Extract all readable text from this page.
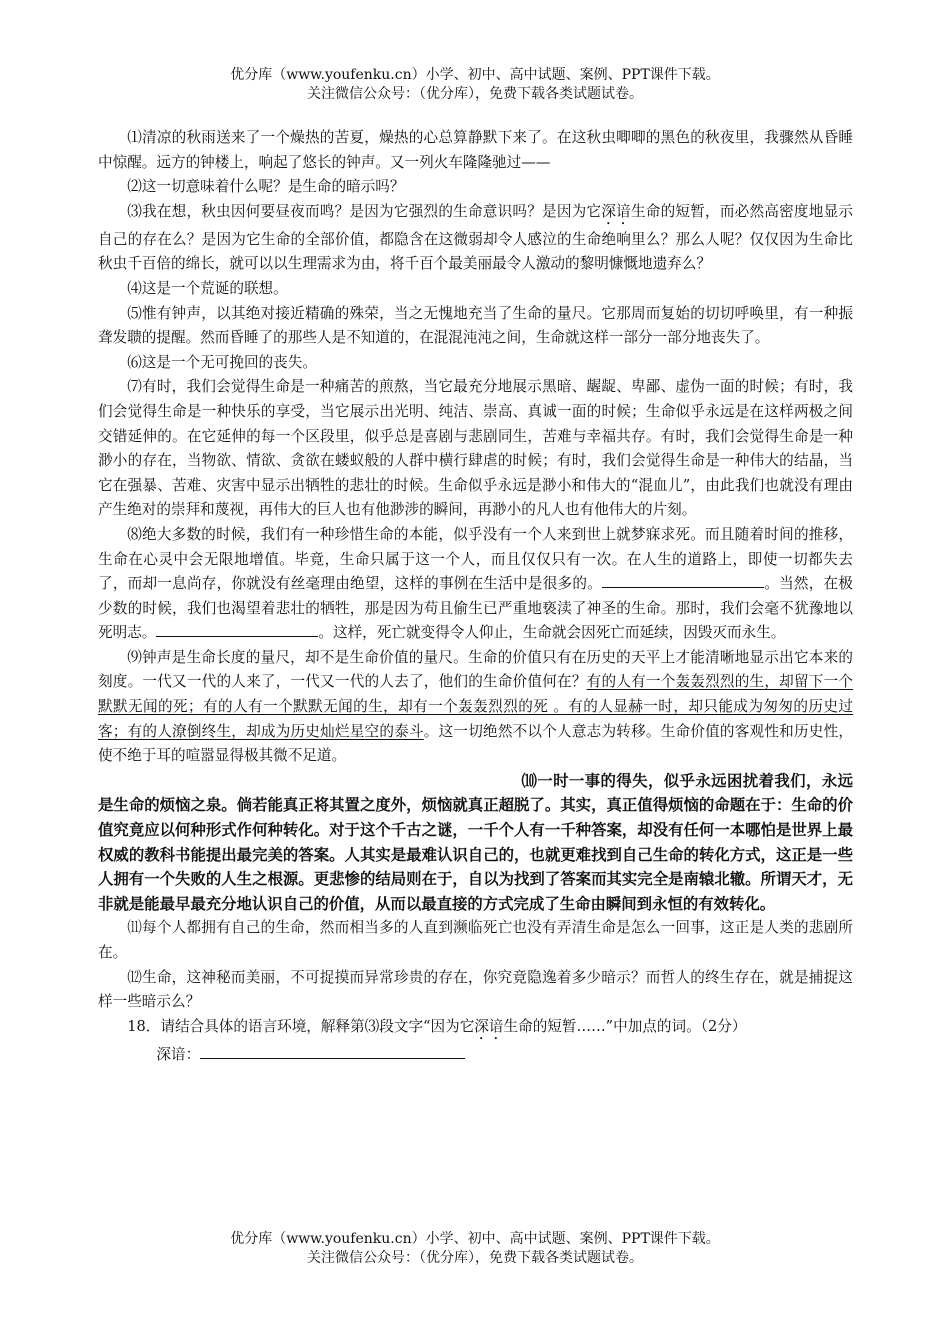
优分库（www.youfenku.cn）小学、初中、高中试题、案例、PPT课件下载。
关注微信公众号：（优分库），免费下载各类试题试卷。

⑴清凉的秋雨送来了一个燥热的苦夏，燥热的心总算静默下来了。在这秋虫唧唧的黑色的秋夜里，我骤然从昏睡中惊醒。远方的钟楼上，响起了悠长的钟声。又一列火车隆隆驰过——

⑵这一切意味着什么呢？是生命的暗示吗？

⑶我在想，秋虫因何要昼夜而鸣？是因为它强烈的生命意识吗？是因为它深谙生命的短暂，而必然高密度地显示自己的存在么？是因为它生命的全部价值，都隐含在这微弱却令人感泣的生命绝响里么？那么人呢？仅仅因为生命比秋虫千百倍的绵长，就可以以生理需求为由，将千百个最美丽最令人激动的黎明慷慨地遗弃么？

⑷这是一个荒诞的联想。

⑸惟有钟声，以其绝对接近精确的殊荣，当之无愧地充当了生命的量尺。它那周而复始的切切呼唤里，有一种振聋发聩的提醒。然而昏睡了的那些人是不知道的，在混混沌沌之间，生命就这样一部分一部分地丧失了。

⑹这是一个无可挽回的丧失。

⑺有时，我们会觉得生命是一种痛苦的煎熬，当它最充分地展示黑暗、龌龊、卑鄙、虚伪一面的时候；有时，我们会觉得生命是一种快乐的享受，当它展示出光明、纯洁、崇高、真诚一面的时候；生命似乎永远是在这样两极之间交错延伸的。在它延伸的每一个区段里，似乎总是喜剧与悲剧同生，苦难与幸福共存。有时，我们会觉得生命是一种渺小的存在，当物欲、情欲、贪欲在蝼蚁般的人群中横行肆虐的时候；有时，我们会觉得生命是一种伟大的结晶，当它在强暴、苦难、灾害中显示出牺牲的悲壮的时候。生命似乎永远是渺小和伟大的“混血儿”，由此我们也就没有理由产生绝对的崇拜和蔑视，再伟大的巨人也有他渺涉的瞬间，再渺小的凡人也有他伟大的片刻。

⑻绝大多数的时候，我们有一种珍惜生命的本能，似乎没有一个人来到世上就梦寐求死。而且随着时间的推移，生命在心灵中会无限地增值。毕竟，生命只属于这一个人，而且仅仅只有一次。在人生的道路上，即使一切都失去了，而却一息尚存，你就没有丝毫理由绝望，这样的事例在生活中是很多的。	。当然，在极少数的时候，我们也渴望着悲壮的牺牲，那是因为苟且偷生已严重地亵渎了神圣的生命。那时，我们会毫不犹豫地以死明志。	。这样，死亡就变得令人仰止，生命就会因死亡而延续，因毁灭而永生。

⑼钟声是生命长度的量尺，却不是生命价值的量尺。生命的价值只有在历史的天平上才能清晰地显示出它本来的刻度。一代又一代的人来了，一代又一代的人去了，他们的生命价值何在？有的人有一个轰轰烈烈的生，却留下一个默默无闻的死；有的人有一个默默无闻的生，却有一个轰轰烈烈的死 。有的人显赫一时，却只能成为匆匆的历史过客；有的人潦倒终生，却成为历史灿烂星空的泰斗。这一切绝然不以个人意志为转移。生命价值的客观性和历史性，使不绝于耳的喧嚣显得极其微不足道。

⑽一时一事的得失，似乎永远困扰着我们，永远是生命的烦恼之泉。倘若能真正将其置之度外，烦恼就真正超脱了。其实，真正值得烦恼的命题在于：生命的价值究竟应以何种形式作何种转化。对于这个千古之谜，一千个人有一千种答案，却没有任何一本哪怕是世界上最权威的教科书能提出最完美的答案。人其实是最难认识自己的，也就更难找到自己生命的转化方式，这正是一些人拥有一个失败的人生之根源。更悲惨的结局则在于，自以为找到了答案而其实完全是南辕北辙。所谓天才，无非就是能最早最充分地认识自己的价值，从而以最直接的方式完成了生命由瞬间到永恒的有效转化。

⑾每个人都拥有自己的生命，然而相当多的人直到濒临死亡也没有弄清生命是怎么一回事，这正是人类的悲剧所在。

⑿生命，这神秘而美丽，不可捉摸而异常珍贵的存在，你究竟隐逸着多少暗示？而哲人的终生存在，就是捕捉这样一些暗示么？

18．请结合具体的语言环境，解释第⑶段文字“因为它深谙生命的短暂……”中加点的词。（2分）

深谙：

优分库（www.youfenku.cn）小学、初中、高中试题、案例、PPT课件下载。
关注微信公众号：（优分库），免费下载各类试题试卷。
